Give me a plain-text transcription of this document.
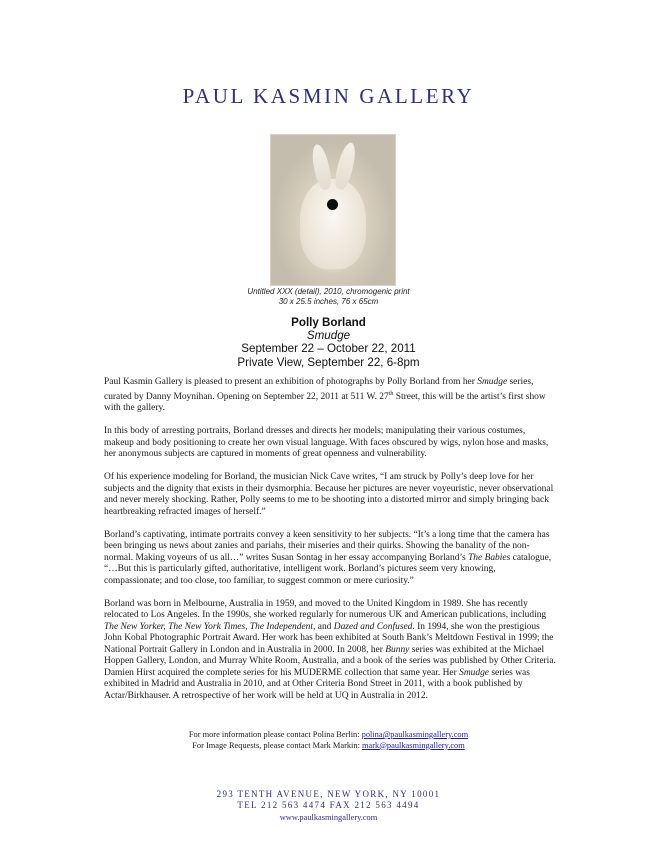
PAUL KASMIN GALLERY
Untitled XXX (detail), 2010, chromogenic print
30 x 25.5 inches, 76 x 65cm
Polly Borland
Smudge
September 22 – October 22, 2011
Private View, September 22, 6-8pm

Paul Kasmin Gallery is pleased to present an exhibition of photographs by Polly Borland from her Smudge series, curated by Danny Moynihan. Opening on September 22, 2011 at 511 W. 27th Street, this will be the artist’s first show with the gallery.

In this body of arresting portraits, Borland dresses and directs her models; manipulating their various costumes, makeup and body positioning to create her own visual language. With faces obscured by wigs, nylon hose and masks, her anonymous subjects are captured in moments of great openness and vulnerability.

Of his experience modeling for Borland, the musician Nick Cave writes, “I am struck by Polly’s deep love for her subjects and the dignity that exists in their dysmorphia. Because her pictures are never voyeuristic, never observational and never merely shocking. Rather, Polly seems to me to be shooting into a distorted mirror and simply bringing back heartbreaking refracted images of herself.”

Borland’s captivating, intimate portraits convey a keen sensitivity to her subjects. “It’s a long time that the camera has been bringing us news about zanies and pariahs, their miseries and their quirks. Showing the banality of the non-normal. Making voyeurs of us all…” writes Susan Sontag in her essay accompanying Borland’s The Babies catalogue, “…But this is particularly gifted, authoritative, intelligent work. Borland’s pictures seem very knowing, compassionate; and too close, too familiar, to suggest common or mere curiosity.”

Borland was born in Melbourne, Australia in 1959, and moved to the United Kingdom in 1989. She has recently relocated to Los Angeles. In the 1990s, she worked regularly for numerous UK and American publications, including The New Yorker, The New York Times, The Independent, and Dazed and Confused. In 1994, she won the prestigious John Kobal Photographic Portrait Award. Her work has been exhibited at South Bank’s Meltdown Festival in 1999; the National Portrait Gallery in London and in Australia in 2000. In 2008, her Bunny series was exhibited at the Michael Hoppen Gallery, London, and Murray White Room, Australia, and a book of the series was published by Other Criteria. Damien Hirst acquired the complete series for his MUDERME collection that same year. Her Smudge series was exhibited in Madrid and Australia in 2010, and at Other Criteria Bond Street in 2011, with a book published by Actar/Birkhauser. A retrospective of her work will be held at UQ in Australia in 2012.

For more information please contact Polina Berlin: polina@paulkasmingallery.com
For Image Requests, please contact Mark Markin: mark@paulkasmingallery.com
293 TENTH AVENUE, NEW YORK, NY 10001
TEL 212 563 4474 FAX 212 563 4494
www.paulkasmingallery.com
